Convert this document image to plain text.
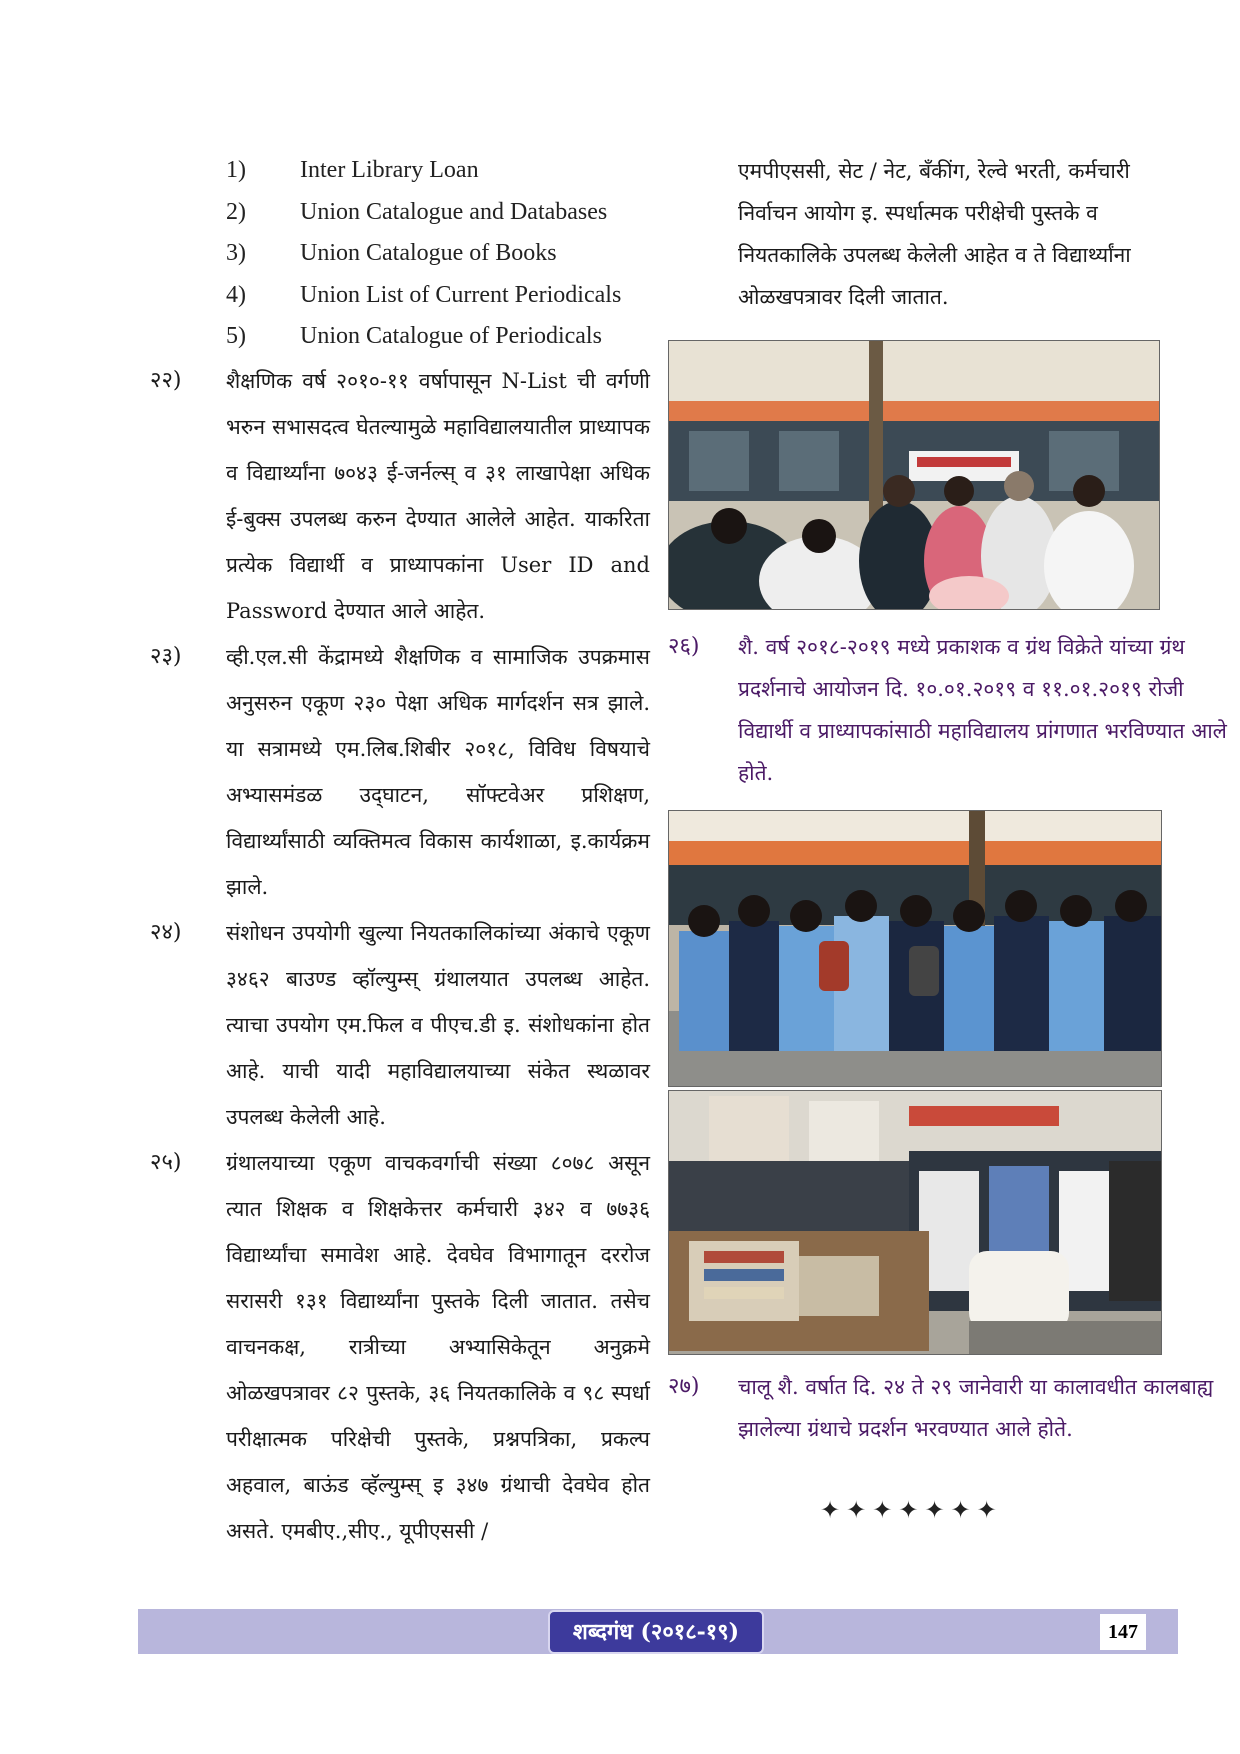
1) Inter Library Loan
2) Union Catalogue and Databases
3) Union Catalogue of Books
4) Union List of Current Periodicals
5) Union Catalogue of Periodicals
२२) शैक्षणिक वर्ष २०१०-११ वर्षापासून N-List ची वर्गणी भरुन सभासदत्व घेतल्यामुळे महाविद्यालयातील प्राध्यापक व विद्यार्थ्यांना ७०४३ ई-जर्नल्स् व ३१ लाखापेक्षा अधिक ई-बुक्स उपलब्ध करुन देण्यात आलेले आहेत. याकरिता प्रत्येक विद्यार्थी व प्राध्यापकांना User ID and Password देण्यात आले आहेत.

२३) व्ही.एल.सी केंद्रामध्ये शैक्षणिक व सामाजिक उपक्रमास अनुसरुन एकूण २३० पेक्षा अधिक मार्गदर्शन सत्र झाले. या सत्रामध्ये एम.लिब.शिबीर २०१८, विविध विषयाचे अभ्यासमंडळ उद्‌घाटन, सॉफ्टवेअर प्रशिक्षण, विद्यार्थ्यांसाठी व्यक्तिमत्व विकास कार्यशाळा, इ.कार्यक्रम झाले.

२४) संशोधन उपयोगी खुल्या नियतकालिकांच्या अंकाचे एकूण ३४६२ बाउण्ड व्हॉल्युम्स् ग्रंथालयात उपलब्ध आहेत. त्याचा उपयोग एम.फिल व पीएच.डी इ. संशोधकांना होत आहे. याची यादी महाविद्यालयाच्या संकेत स्थळावर उपलब्ध केलेली आहे.

२५) ग्रंथालयाच्या एकूण वाचकवर्गाची संख्या ८०७८ असून त्यात शिक्षक व शिक्षकेत्तर कर्मचारी ३४२ व ७७३६ विद्यार्थ्यांचा समावेश आहे. देवघेव विभागातून दररोज सरासरी १३१ विद्यार्थ्यांना पुस्तके दिली जातात. तसेच वाचनकक्ष, रात्रीच्या अभ्यासिकेतून अनुक्रमे ओळखपत्रावर ८२ पुस्तके, ३६ नियतकालिके व ९८ स्पर्धा परीक्षात्मक परिक्षेची पुस्तके, प्रश्नपत्रिका, प्रकल्प अहवाल, बाऊंड व्हॅल्युम्स् इ ३४७ ग्रंथाची देवघेव होत असते. एमबीए.,सीए., यूपीएससी /

एमपीएससी, सेट / नेट, बँकींग, रेल्वे भरती, कर्मचारी निर्वाचन आयोग इ. स्पर्धात्मक परीक्षेची पुस्तके व नियतकालिके उपलब्ध केलेली आहेत व ते विद्यार्थ्यांना ओळखपत्रावर दिली जातात.

२६) शै. वर्ष २०१८-२०१९ मध्ये प्रकाशक व ग्रंथ विक्रेते यांच्या ग्रंथ प्रदर्शनाचे आयोजन दि. १०.०१.२०१९ व ११.०१.२०१९ रोजी विद्यार्थी व प्राध्यापकांसाठी महाविद्यालय प्रांगणात भरविण्यात आले होते.

२७) चालू शै. वर्षात दि. २४ ते २९ जानेवारी या कालावधीत कालबाह्य झालेल्या ग्रंथाचे प्रदर्शन भरवण्यात आले होते.

✦✦✦✦✦✦✦
शब्दगंध (२०१८-१९)	147
